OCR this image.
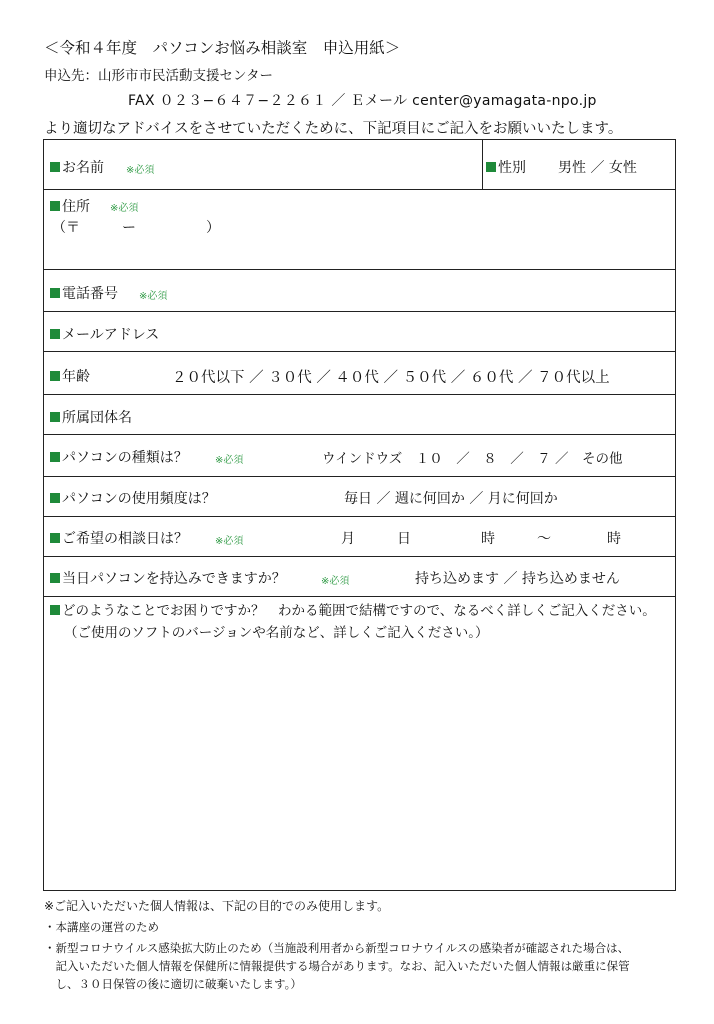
＜令和４年度　パソコンお悩み相談室　申込用紙＞
申込先：山形市市民活動支援センター
FAX ０２３−６４７−２２６１ ／ Ｅメール center@yamagata-npo.jp
より適切なアドバイスをさせていただくために、下記項目にご記入をお願いいたします。
お名前 ※必須	性別 男性 ／ 女性
住所 ※必須
（〒　　　ー　　　　　）
電話番号 ※必須
メールアドレス
年齢	２０代以下 ／ ３０代 ／ ４０代 ／ ５０代 ／ ６０代 ／ ７０代以上
所属団体名
パソコンの種類は？	※必須	ウインドウズ　１０　／　８　／　７ ／　その他
パソコンの使用頻度は？	毎日 ／ 週に何回か ／ 月に何回か
ご希望の相談日は？	※必須	月　　　日　　　　　時　　　〜　　　　時
当日パソコンを持込みできますか？	※必須	持ち込めます ／ 持ち込めません
どのようなことでお困りですか？　わかる範囲で結構ですので、なるべく詳しくご記入ください。
（ご使用のソフトのバージョンや名前など、詳しくご記入ください。）
※ご記入いただいた個人情報は、下記の目的でのみ使用します。
・本講座の運営のため
・新型コロナウイルス感染拡大防止のため（当施設利用者から新型コロナウイルスの感染者が確認された場合は、
　記入いただいた個人情報を保健所に情報提供する場合があります。なお、記入いただいた個人情報は厳重に保管
　し、３０日保管の後に適切に破棄いたします。）
